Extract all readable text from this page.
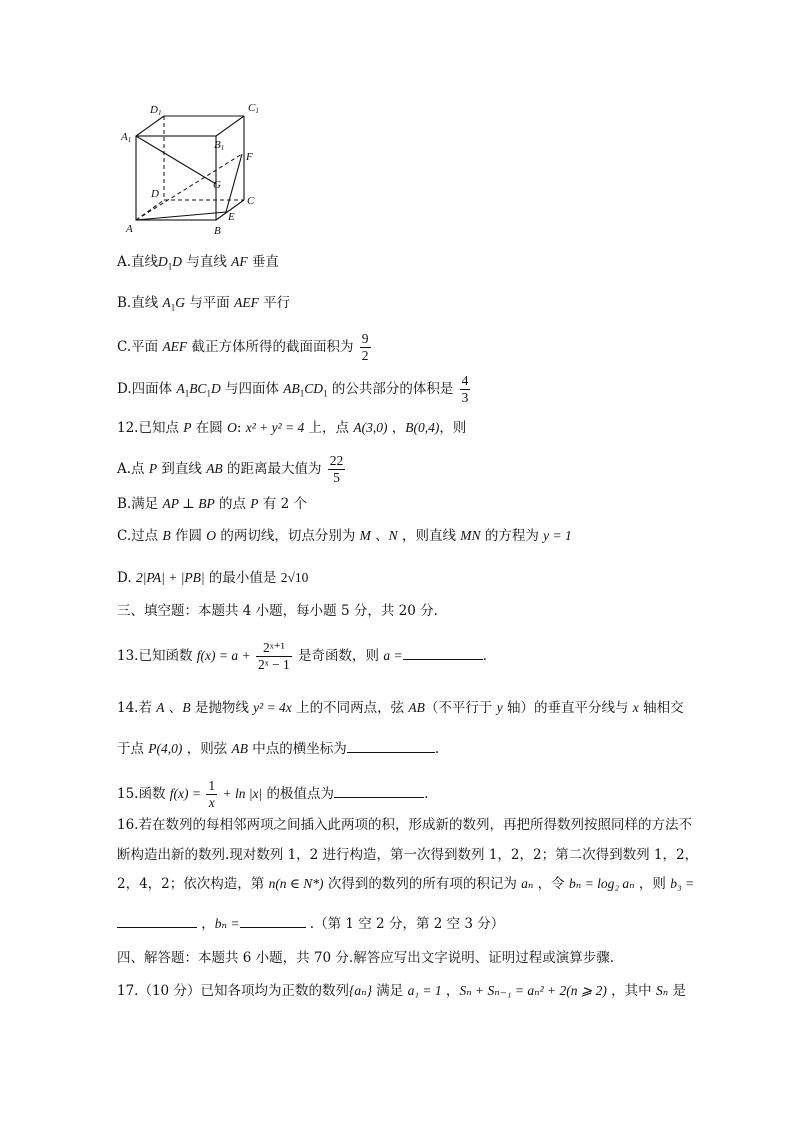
D1	C1
A1	B1
F
D
G
C
E
A	B
A.直线$D_1D$ 与直线 AF 垂直
B.直线 $A_1G$ 与平面 AEF 平行
C.平面 AEF 截正方体所得的截面面积为 $\frac{9}{2}$
D.四面体 $A_1BC_1D$ 与四面体 $AB_1CD_1$ 的公共部分的体积是 $\frac{4}{3}$
12.已知点 P 在圆 O: x² + y² = 4 上，点 A(3,0) ，B(0,4)，则
A.点 P 到直线 AB 的距离最大值为 $\frac{22}{5}$
B.满足 AP ⊥ BP 的点 P 有 2 个
C.过点 B 作圆 O 的两切线，切点分别为 M 、N ，则直线 MN 的方程为 y = 1
D. 2|PA| + |PB| 的最小值是 2√10
三、填空题：本题共 4 小题，每小题 5 分，共 20 分.
13.已知函数 $f(x) = a + \frac{\text{2ˣ⁺¹}}{\text{2ˣ − 1}}$ 是奇函数，则 a =	.
14.若 A 、B 是抛物线 y² = 4x 上的不同两点，弦 AB（不平行于 y 轴）的垂直平分线与 x 轴相交
于点 P(4,0) ，则弦 AB 中点的横坐标为	.
15.函数 $f(x) = \frac{1}{x} + \ln |x|$ 的极值点为	.
16.若在数列的每相邻两项之间插入此两项的积，形成新的数列，再把所得数列按照同样的方法不
断构造出新的数列.现对数列 1，2 进行构造，第一次得到数列 1，2，2；第二次得到数列 1，2，
2，4，2；依次构造，第 n(n ∈ N*) 次得到的数列的所有项的积记为 aₙ ，令 bₙ = log₂ aₙ ，则 b₃ =
，bₙ =	.（第 1 空 2 分，第 2 空 3 分）
四、解答题：本题共 6 小题，共 70 分.解答应写出文字说明、证明过程或演算步骤.
17.（10 分）已知各项均为正数的数列{aₙ} 满足 a₁ = 1 ，Sₙ + Sₙ₋₁ = aₙ² + 2(n ⩾ 2) ，其中 Sₙ 是
